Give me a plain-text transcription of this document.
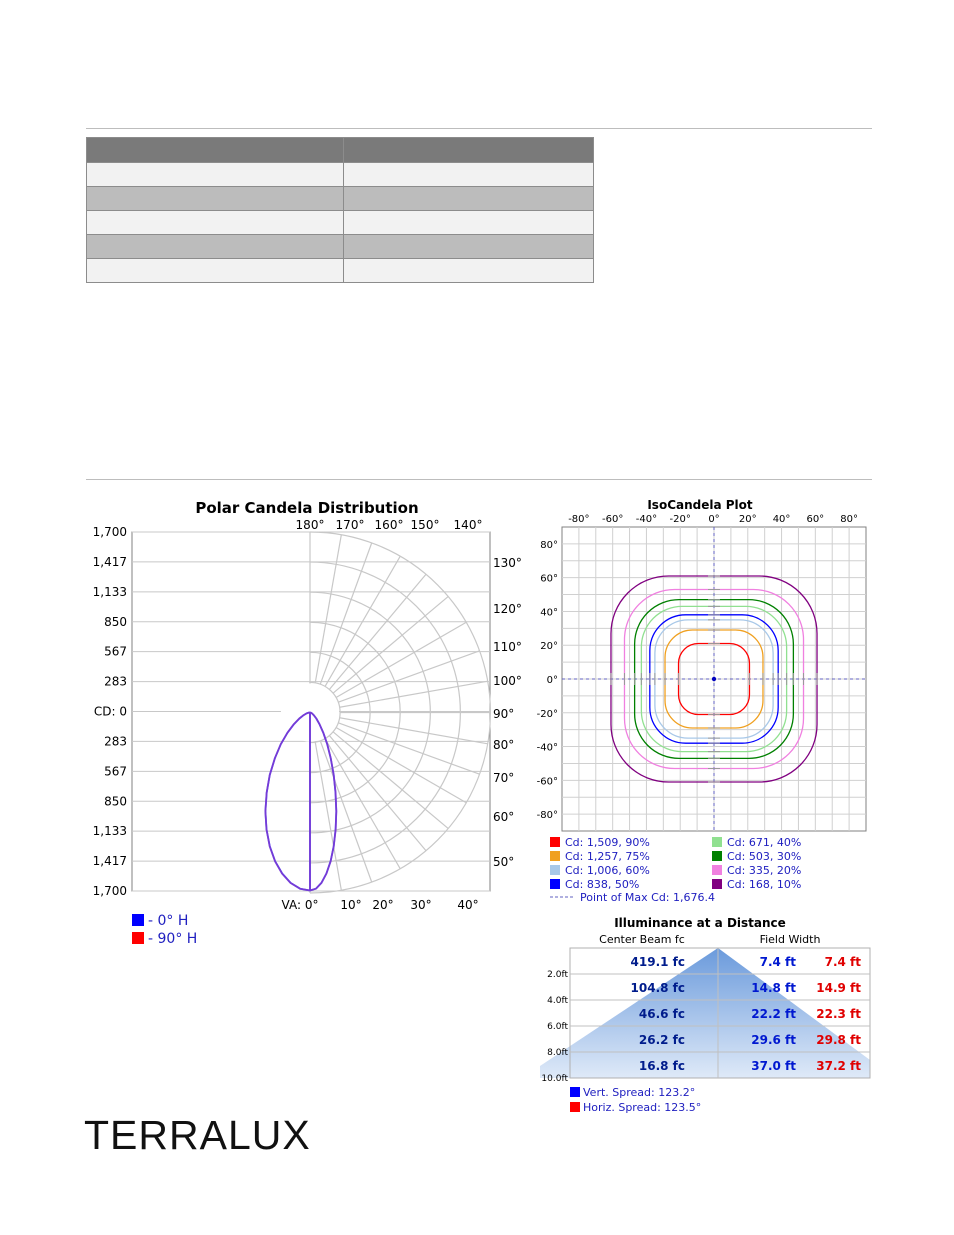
Polar Candela Distribution
1,700
1,417
1,133
850
567
283
CD: 0
283
567
850
1,133
1,417
1,700
180° 170° 160° 150° 140°
130°
120°
110°
100°
90°
80°
70°
60°
50°
VA: 0° 10° 20° 30° 40°
- 0° H
- 90° H
IsoCandela Plot
-80° -60° -40° -20° 0° 20° 40° 60° 80°
80°
60°
40°
20°
0°
-20°
-40°
-60°
-80°
Cd: 1,509, 90%
Cd: 1,257, 75%
Cd: 1,006, 60%
Cd: 838, 50%
Cd: 671, 40%
Cd: 503, 30%
Cd: 335, 20%
Cd: 168, 10%
Point of Max Cd: 1,676.4
Illuminance at a Distance
Center Beam fc	Field Width
2.0ft
419.1 fc	7.4 ft 7.4 ft
4.0ft
104.8 fc	14.8 ft 14.9 ft
6.0ft
46.6 fc	22.2 ft 22.3 ft
8.0ft
26.2 fc	29.6 ft 29.8 ft
10.0ft
16.8 fc	37.0 ft 37.2 ft
Vert. Spread: 123.2°
Horiz. Spread: 123.5°
TERRALUX
